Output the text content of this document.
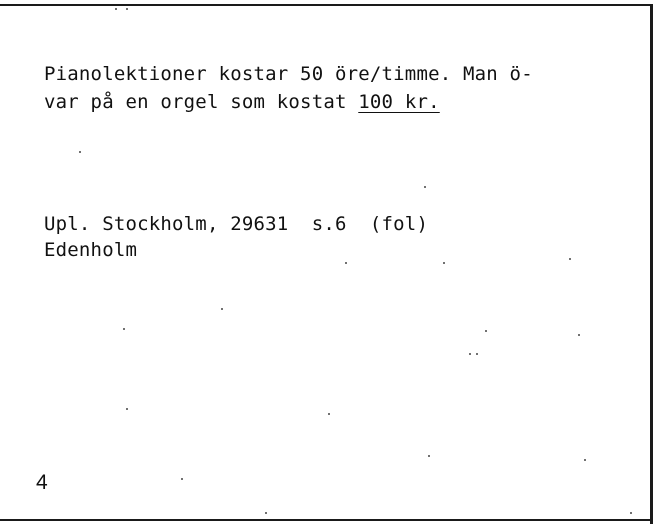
Pianolektioner kostar 50 öre/timme. Man ö-

var på en orgel som kostat 100 kr.

Upl. Stockholm, 29631  s.6  (fol)

Edenholm

4
